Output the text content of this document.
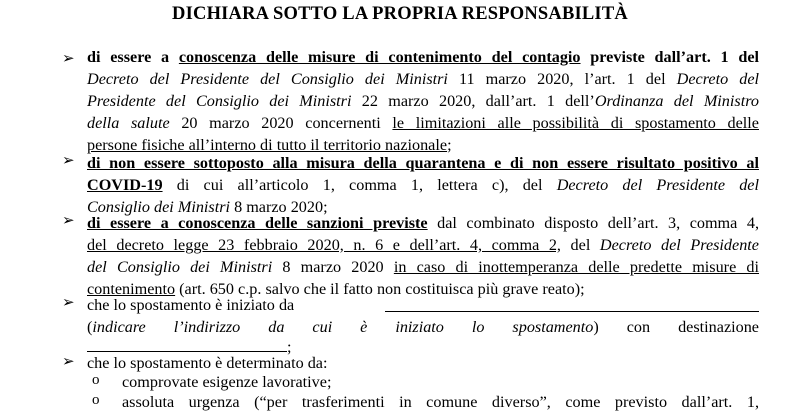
DICHIARA SOTTO LA PROPRIA RESPONSABILITÀ
➢ di essere a conoscenza delle misure di contenimento del contagio previste dall’art. 1 del
Decreto del Presidente del Consiglio dei Ministri 11 marzo 2020, l’art. 1 del Decreto del
Presidente del Consiglio dei Ministri 22 marzo 2020, dall’art. 1 dell’Ordinanza del Ministro
della salute 20 marzo 2020 concernenti le limitazioni alle possibilità di spostamento delle
persone fisiche all’interno di tutto il territorio nazionale;
➢ di non essere sottoposto alla misura della quarantena e di non essere risultato positivo al
COVID-19 di cui all’articolo 1, comma 1, lettera c), del Decreto del Presidente del
Consiglio dei Ministri 8 marzo 2020;
➢ di essere a conoscenza delle sanzioni previste dal combinato disposto dell’art. 3, comma 4,
del decreto legge 23 febbraio 2020, n. 6 e dell’art. 4, comma 2, del Decreto del Presidente
del Consiglio dei Ministri 8 marzo 2020 in caso di inottemperanza delle predette misure di
contenimento (art. 650 c.p. salvo che il fatto non costituisca più grave reato);
➢ che lo spostamento è iniziato da
(indicare l’indirizzo da cui è iniziato lo spostamento) con destinazione
;
➢ che lo spostamento è determinato da:
o comprovate esigenze lavorative;
o assoluta urgenza (“per trasferimenti in comune diverso”, come previsto dall’art. 1,
